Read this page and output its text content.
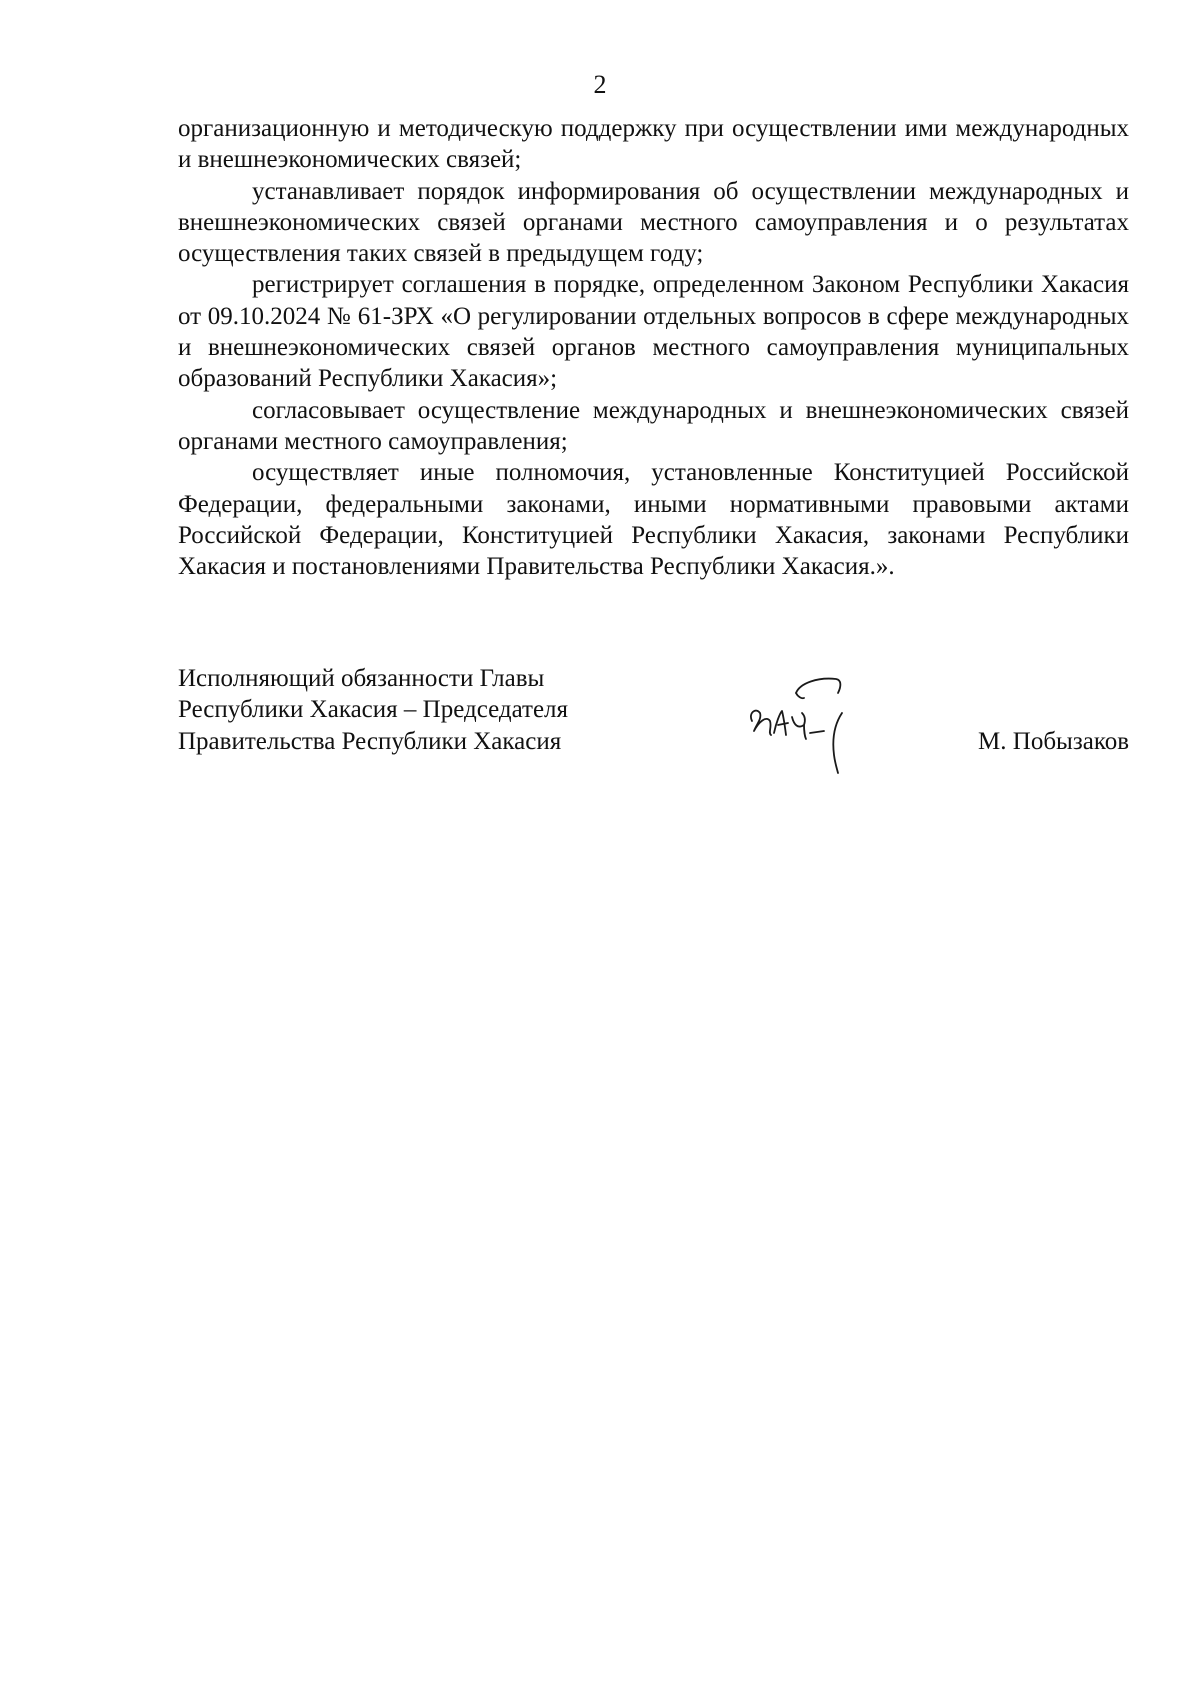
2

организационную и методическую поддержку при осуществлении ими международных и внешнеэкономических связей;

устанавливает порядок информирования об осуществлении международных и внешнеэкономических связей органами местного самоуправления и о результатах осуществления таких связей в предыдущем году;

регистрирует соглашения в порядке, определенном Законом Республики Хакасия от 09.10.2024 № 61-ЗРХ «О регулировании отдельных вопросов в сфере международных и внешнеэкономических связей органов местного самоуправления муниципальных образований Республики Хакасия»;

согласовывает осуществление международных и внешнеэкономических связей органами местного самоуправления;

осуществляет иные полномочия, установленные Конституцией Российской Федерации, федеральными законами, иными нормативными правовыми актами Российской Федерации, Конституцией Республики Хакасия, законами Республики Хакасия и постановлениями Правительства Республики Хакасия.».

Исполняющий обязанности Главы
Республики Хакасия – Председателя
Правительства Республики Хакасия	М. Побызаков
